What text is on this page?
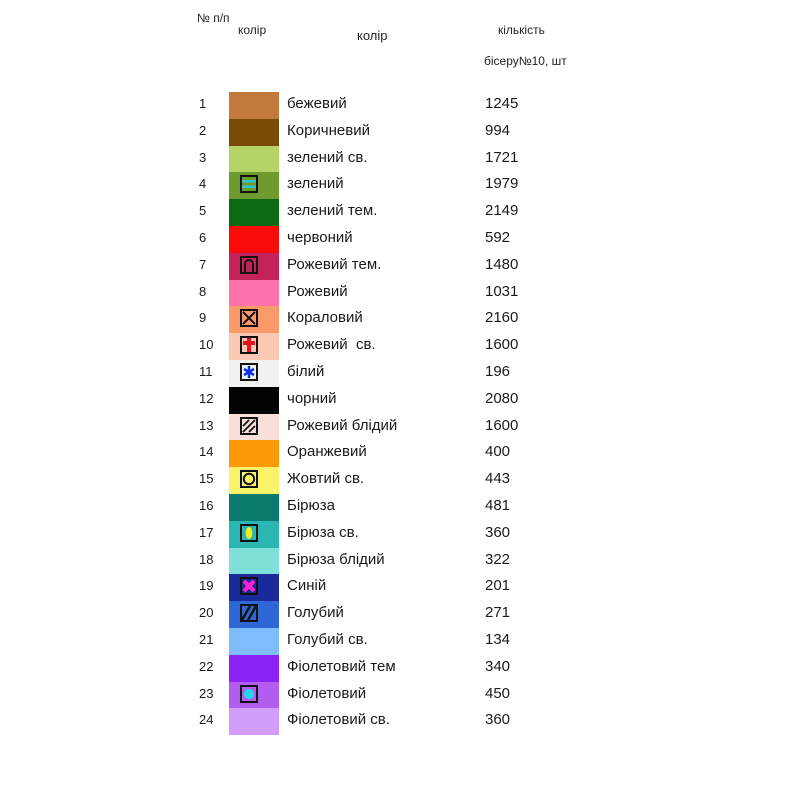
№ п/п
колір	колір	кількість
бісеру№10, шт
1	бежевий	1245
2	Коричневий	994
3	зелений св.	1721
4	зелений	1979
5	зелений тем.	2149
6	червоний	592
7	Рожевий тем.	1480
8	Рожевий	1031
9	Кораловий	2160
10	Рожевий  св.	1600
11	білий	196
12	чорний	2080
13	Рожевий блідий	1600
14	Оранжевий	400
15	Жовтий св.	443
16	Бірюза	481
17	Бірюза св.	360
18	Бірюза блідий	322
19	Синій	201
20	Голубий	271
21	Голубий св.	134
22	Фіолетовий тем	340
23	Фіолетовий	450
24	Фіолетовий св.	360
